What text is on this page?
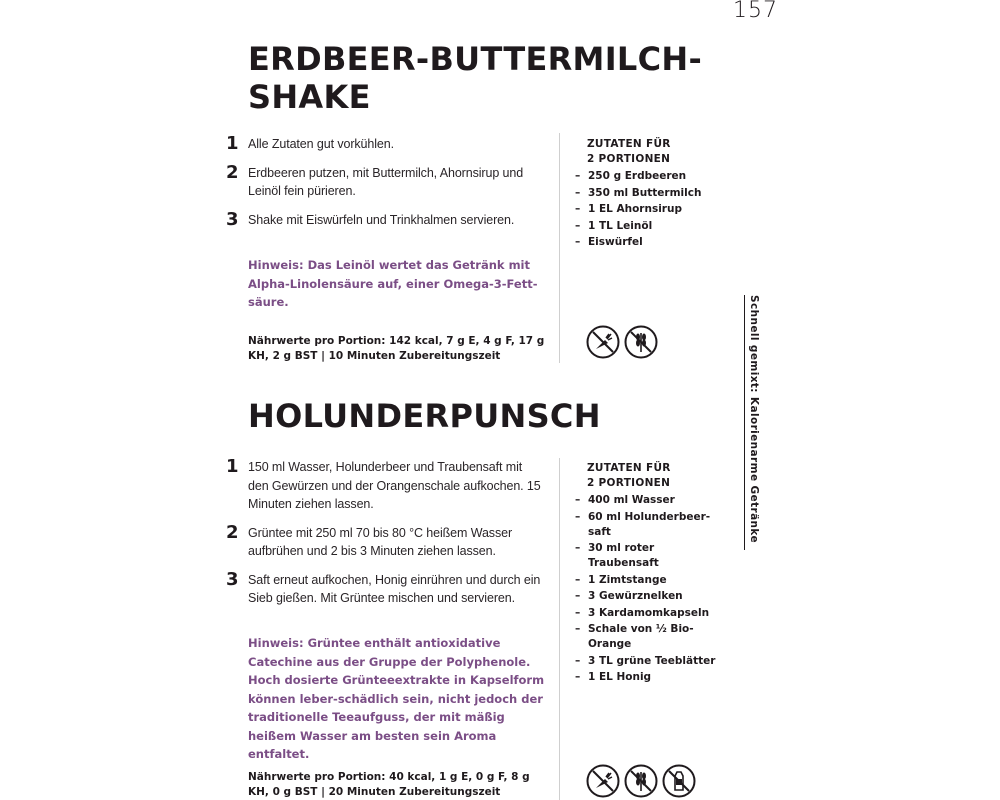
157
ERDBEER-BUTTERMILCH-
SHAKE
1 Alle Zutaten gut vorkühlen.
2 Erdbeeren putzen, mit Buttermilch, Ahornsirup und Leinöl fein pürieren.
3 Shake mit Eiswürfeln und Trinkhalmen servieren.

Hinweis: Das Leinöl wertet das Getränk mit Alpha-Linolensäure auf, einer Omega-3-Fett-säure.

Nährwerte pro Portion: 142 kcal, 7 g E, 4 g F, 17 g KH, 2 g BST | 10 Minuten Zubereitungszeit

ZUTATEN FÜR
2 PORTIONEN

– 250 g Erdbeeren
– 350 ml Buttermilch
– 1 EL Ahornsirup
– 1 TL Leinöl
– Eiswürfel
HOLUNDERPUNSCH
1 150 ml Wasser, Holunderbeer und Traubensaft mit den Gewürzen und der Orangenschale aufkochen. 15 Minuten ziehen lassen.
2 Grüntee mit 250 ml 70 bis 80 °C heißem Wasser aufbrühen und 2 bis 3 Minuten ziehen lassen.
3 Saft erneut aufkochen, Honig einrühren und durch ein Sieb gießen. Mit Grüntee mischen und servieren.

Hinweis: Grüntee enthält antioxidative Catechine aus der Gruppe der Polyphenole. Hoch dosierte Grünteeextrakte in Kapselform können leber-schädlich sein, nicht jedoch der traditionelle Teeaufguss, der mit mäßig heißem Wasser am besten sein Aroma entfaltet.

Nährwerte pro Portion: 40 kcal, 1 g E, 0 g F, 8 g KH, 0 g BST | 20 Minuten Zubereitungszeit

ZUTATEN FÜR
2 PORTIONEN

– 400 ml Wasser
– 60 ml Holunderbeer-saft
– 30 ml roter Traubensaft
– 1 Zimtstange
– 3 Gewürznelken
– 3 Kardamomkapseln
– Schale von ½ Bio-Orange
– 3 TL grüne Teeblätter
– 1 EL Honig
Schnell gemixt: Kalorienarme Getränke
